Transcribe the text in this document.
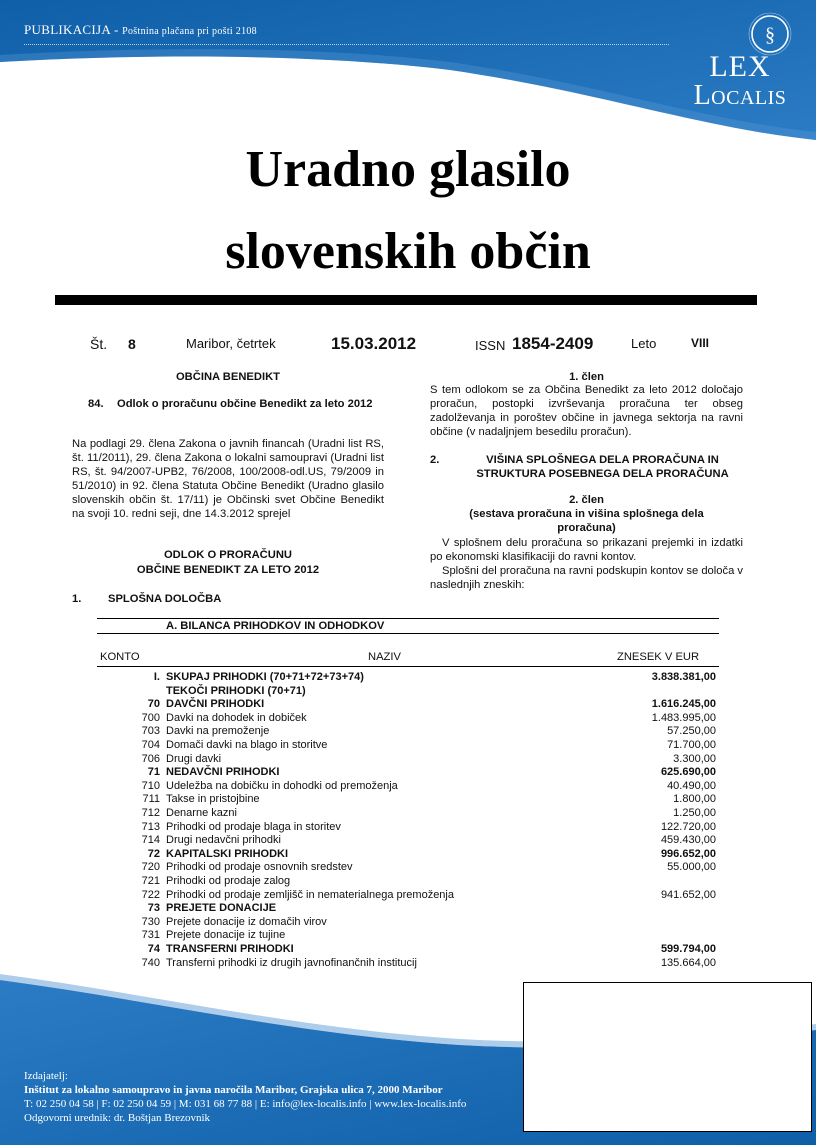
PUBLIKACIJA - Poštnina plačana pri pošti 2108	§
LEX
Localis
Uradno glasilo
slovenskih občin
Št. 8	Maribor, četrtek	15.03.2012	ISSN 1854-2409	Leto	VIII
OBČINA BENEDIKT
84.	Odlok o proračunu občine Benedikt za leto 2012
Na podlagi 29. člena Zakona o javnih financah (Uradni list RS, št. 11/2011), 29. člena Zakona o lokalni samoupravi (Uradni list RS, št. 94/2007-UPB2, 76/2008, 100/2008-odl.US, 79/2009 in 51/2010) in 92. člena Statuta Občine Benedikt (Uradno glasilo slovenskih občin št. 17/11) je Občinski svet Občine Benedikt na svoji 10. redni seji, dne 14.3.2012 sprejel
ODLOK O PRORAČUNU
OBČINE BENEDIKT ZA LETO 2012
1. SPLOŠNA DOLOČBA
1. člen
S tem odlokom se za Občina Benedikt za leto 2012 določajo proračun, postopki izvrševanja proračuna ter obseg zadolževanja in poroštev občine in javnega sektorja na ravni občine (v nadaljnjem besedilu proračun).
2.	VIŠINA SPLOŠNEGA DELA PRORAČUNA IN
STRUKTURA POSEBNEGA DELA PRORAČUNA
2. člen
(sestava proračuna in višina splošnega dela
proračuna)
V splošnem delu proračuna so prikazani prejemki in izdatki po ekonomski klasifikaciji do ravni kontov.
Splošni del proračuna na ravni podskupin kontov se določa v naslednjih zneskih:
A. BILANCA PRIHODKOV IN ODHODKOV
KONTO	NAZIV	ZNESEK V EUR
I. SKUPAJ PRIHODKI (70+71+72+73+74)	3.838.381,00
TEKOČI PRIHODKI (70+71)
70 DAVČNI PRIHODKI	1.616.245,00
700 Davki na dohodek in dobiček	1.483.995,00
703 Davki na premoženje	57.250,00
704 Domači davki na blago in storitve	71.700,00
706 Drugi davki	3.300,00
71 NEDAVČNI PRIHODKI	625.690,00
710 Udeležba na dobičku in dohodki od premoženja	40.490,00
711 Takse in pristojbine	1.800,00
712 Denarne kazni	1.250,00
713 Prihodki od prodaje blaga in storitev	122.720,00
714 Drugi nedavčni prihodki	459.430,00
72 KAPITALSKI PRIHODKI	996.652,00
720 Prihodki od prodaje osnovnih sredstev	55.000,00
721 Prihodki od prodaje zalog
722 Prihodki od prodaje zemljišč in nematerialnega premoženja	941.652,00
73 PREJETE DONACIJE
730 Prejete donacije iz domačih virov
731 Prejete donacije iz tujine
74 TRANSFERNI PRIHODKI	599.794,00
740 Transferni prihodki iz drugih javnofinančnih institucij	135.664,00
Izdajatelj:
Inštitut za lokalno samoupravo in javna naročila Maribor, Grajska ulica 7, 2000 Maribor
T: 02 250 04 58 | F: 02 250 04 59 | M: 031 68 77 88 | E: info@lex-localis.info | www.lex-localis.info
Odgovorni urednik: dr. Boštjan Brezovnik
